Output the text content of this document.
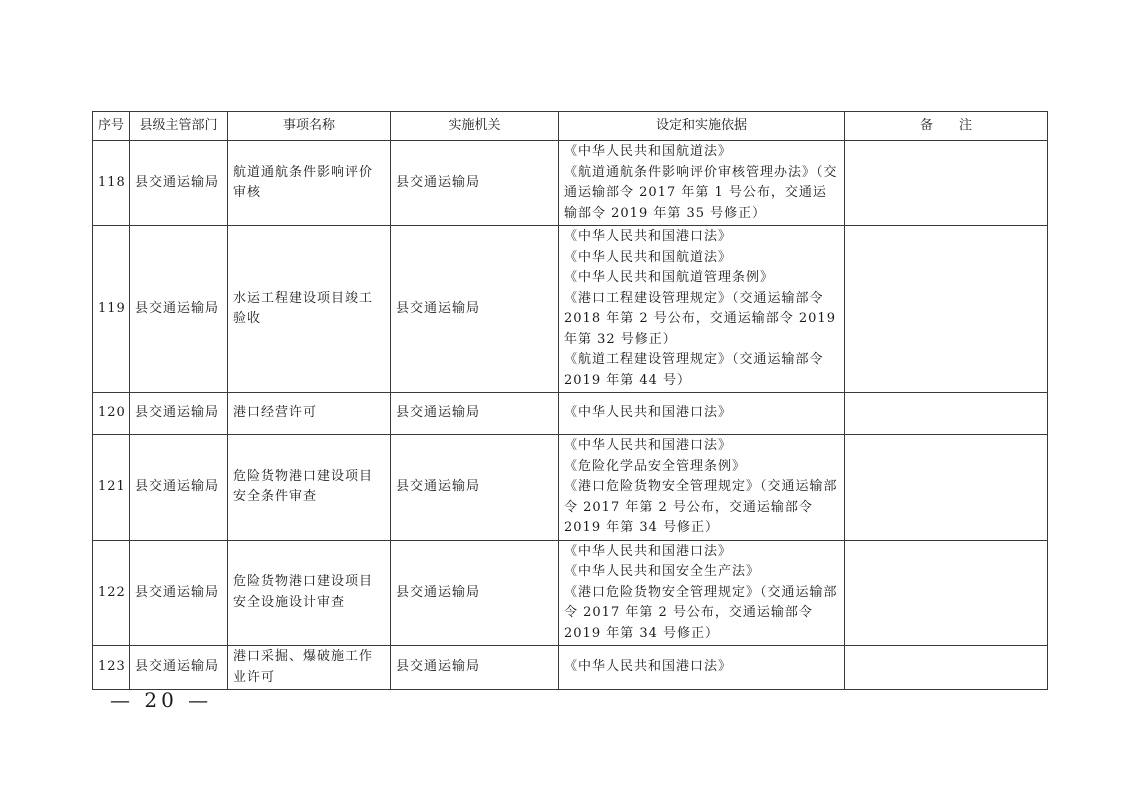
序号	县级主管部门	事项名称	实施机关	设定和实施依据	备　　注
118	县交通运输局	航道通航条件影响评价审核	县交通运输局	《中华人民共和国航道法》
《航道通航条件影响评价审核管理办法》（交通运输部令 2017 年第 1 号公布，交通运输部令 2019 年第 35 号修正）	

119	县交通运输局	水运工程建设项目竣工验收	县交通运输局	《中华人民共和国港口法》
《中华人民共和国航道法》
《中华人民共和国航道管理条例》
《港口工程建设管理规定》（交通运输部令 2018 年第 2 号公布，交通运输部令 2019 年第 32 号修正）
《航道工程建设管理规定》（交通运输部令 2019 年第 44 号）	

120	县交通运输局	港口经营许可	县交通运输局	《中华人民共和国港口法》	

121	县交通运输局	危险货物港口建设项目安全条件审查	县交通运输局	《中华人民共和国港口法》
《危险化学品安全管理条例》
《港口危险货物安全管理规定》（交通运输部令 2017 年第 2 号公布，交通运输部令 2019 年第 34 号修正）	

122	县交通运输局	危险货物港口建设项目安全设施设计审查	县交通运输局	《中华人民共和国港口法》
《中华人民共和国安全生产法》
《港口危险货物安全管理规定》（交通运输部令 2017 年第 2 号公布，交通运输部令 2019 年第 34 号修正）	

123	县交通运输局	港口采掘、爆破施工作业许可	县交通运输局	《中华人民共和国港口法》	

— 20 —
